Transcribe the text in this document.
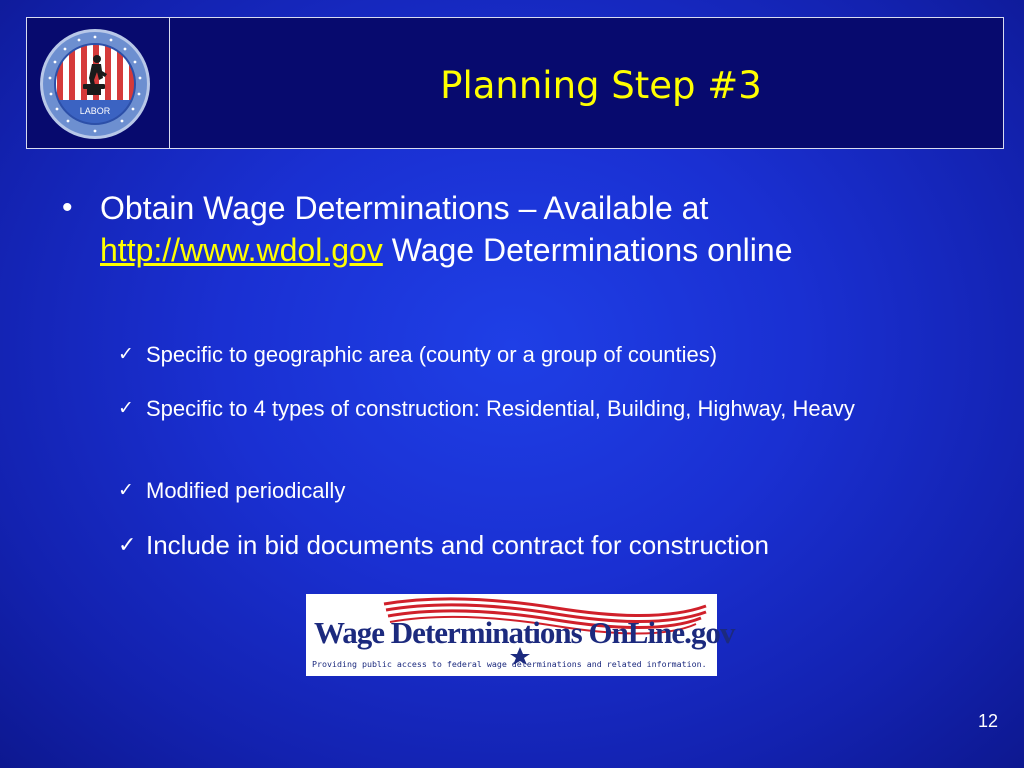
LABOR
Planning Step #3
• Obtain Wage Determinations – Available at
http://www.wdol.gov Wage Determinations online
✓ Specific to geographic area (county or a group of counties)
✓ Specific to 4 types of construction: Residential, Building, Highway, Heavy
✓ Modified periodically
✓ Include in bid documents and contract for construction
Wage Determinations OnLine.gov
Providing public access to federal wage determinations and related information.
12
